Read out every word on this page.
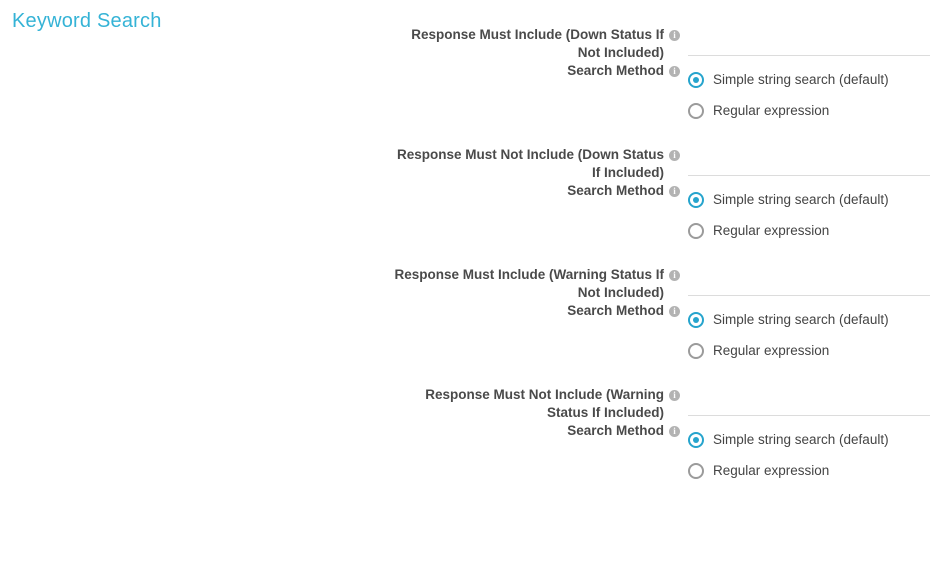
Keyword Search
Response Must Include (Down Status If Not Included)
i
Search Method	i
Simple string search (default)
Regular expression
Response Must Not Include (Down Status If Included)
i
Search Method	i
Simple string search (default)
Regular expression
Response Must Include (Warning Status If Not Included)
i
Search Method	i
Simple string search (default)
Regular expression
Response Must Not Include (Warning Status If Included)
i
Search Method	i
Simple string search (default)
Regular expression
